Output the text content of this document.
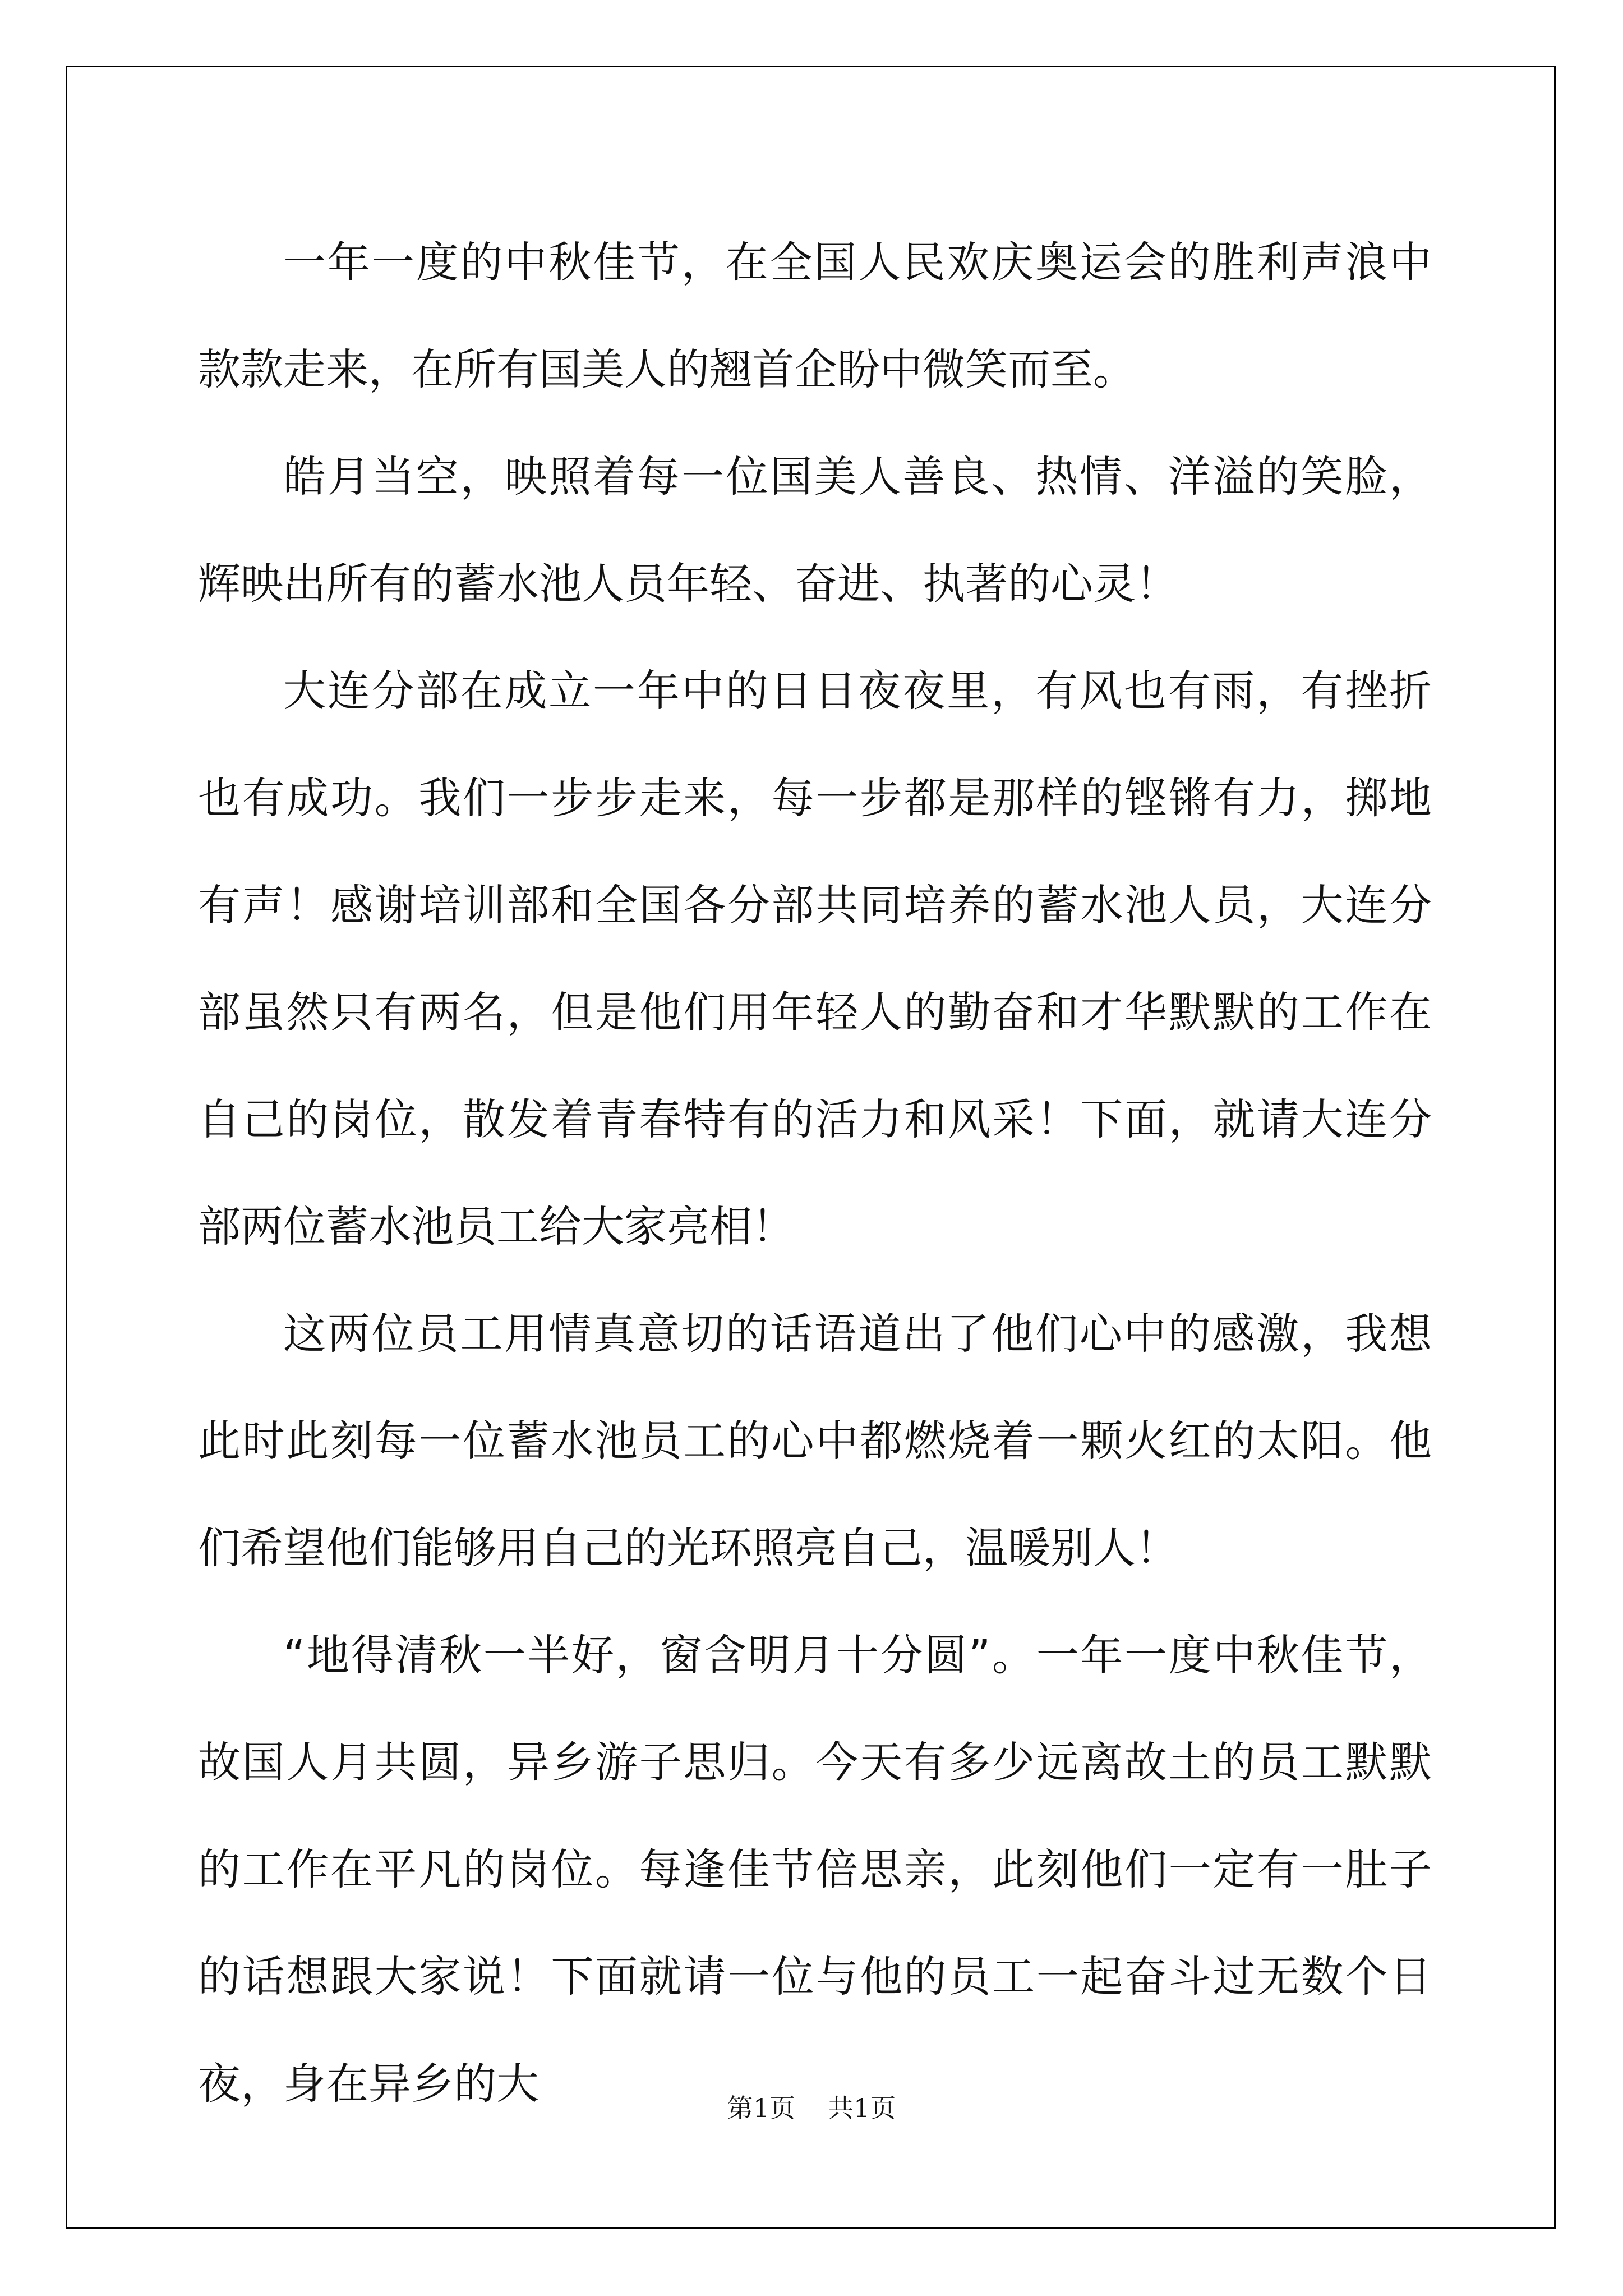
一年一度的中秋佳节，在全国人民欢庆奥运会的胜利声浪中款款走来，在所有国美人的翘首企盼中微笑而至。

皓月当空，映照着每一位国美人善良、热情、洋溢的笑脸，辉映出所有的蓄水池人员年轻、奋进、执著的心灵！

大连分部在成立一年中的日日夜夜里，有风也有雨，有挫折也有成功。我们一步步走来，每一步都是那样的铿锵有力，掷地有声！感谢培训部和全国各分部共同培养的蓄水池人员，大连分部虽然只有两名，但是他们用年轻人的勤奋和才华默默的工作在自己的岗位，散发着青春特有的活力和风采！下面，就请大连分部两位蓄水池员工给大家亮相！

这两位员工用情真意切的话语道出了他们心中的感激，我想此时此刻每一位蓄水池员工的心中都燃烧着一颗火红的太阳。他们希望他们能够用自己的光环照亮自己，温暖别人！

“地得清秋一半好，窗含明月十分圆”。一年一度中秋佳节，故国人月共圆，异乡游子思归。今天有多少远离故土的员工默默的工作在平凡的岗位。每逢佳节倍思亲，此刻他们一定有一肚子的话想跟大家说！下面就请一位与他的员工一起奋斗过无数个日夜，身在异乡的大	第1页 共1页
